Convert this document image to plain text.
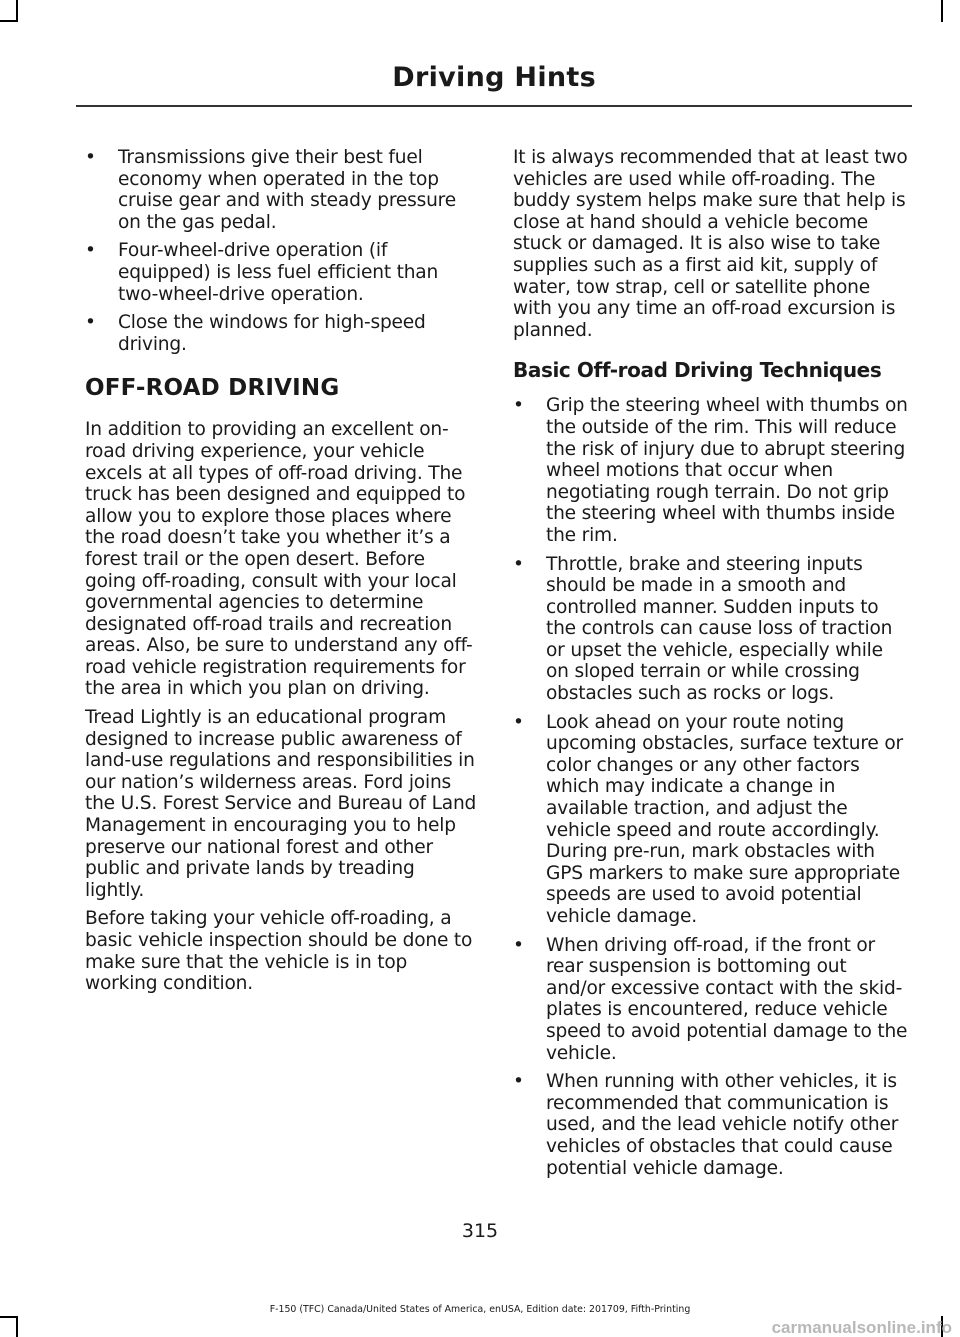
Driving Hints
• Transmissions give their best fuel economy when operated in the top cruise gear and with steady pressure on the gas pedal.
• Four-wheel-drive operation (if equipped) is less fuel efficient than two-wheel-drive operation.
• Close the windows for high-speed driving.
OFF-ROAD DRIVING

In addition to providing an excellent on-road driving experience, your vehicle excels at all types of off-road driving. The truck has been designed and equipped to allow you to explore those places where the road doesn’t take you whether it’s a forest trail or the open desert. Before going off-roading, consult with your local governmental agencies to determine designated off-road trails and recreation areas. Also, be sure to understand any off-road vehicle registration requirements for the area in which you plan on driving.

Tread Lightly is an educational program designed to increase public awareness of land-use regulations and responsibilities in our nation’s wilderness areas. Ford joins the U.S. Forest Service and Bureau of Land Management in encouraging you to help preserve our national forest and other public and private lands by treading lightly.

Before taking your vehicle off-roading, a basic vehicle inspection should be done to make sure that the vehicle is in top working condition.

It is always recommended that at least two vehicles are used while off-roading. The buddy system helps make sure that help is close at hand should a vehicle become stuck or damaged. It is also wise to take supplies such as a first aid kit, supply of water, tow strap, cell or satellite phone with you any time an off-road excursion is planned.

Basic Off-road Driving Techniques
• Grip the steering wheel with thumbs on the outside of the rim. This will reduce the risk of injury due to abrupt steering wheel motions that occur when negotiating rough terrain. Do not grip the steering wheel with thumbs inside the rim.
• Throttle, brake and steering inputs should be made in a smooth and controlled manner. Sudden inputs to the controls can cause loss of traction or upset the vehicle, especially while on sloped terrain or while crossing obstacles such as rocks or logs.
• Look ahead on your route noting upcoming obstacles, surface texture or color changes or any other factors which may indicate a change in available traction, and adjust the vehicle speed and route accordingly. During pre-run, mark obstacles with GPS markers to make sure appropriate speeds are used to avoid potential vehicle damage.
• When driving off-road, if the front or rear suspension is bottoming out and/or excessive contact with the skid-plates is encountered, reduce vehicle speed to avoid potential damage to the vehicle.
• When running with other vehicles, it is recommended that communication is used, and the lead vehicle notify other vehicles of obstacles that could cause potential vehicle damage.
315
F-150 (TFC) Canada/United States of America, enUSA, Edition date: 201709, Fifth-Printing
carmanualsonline.info
